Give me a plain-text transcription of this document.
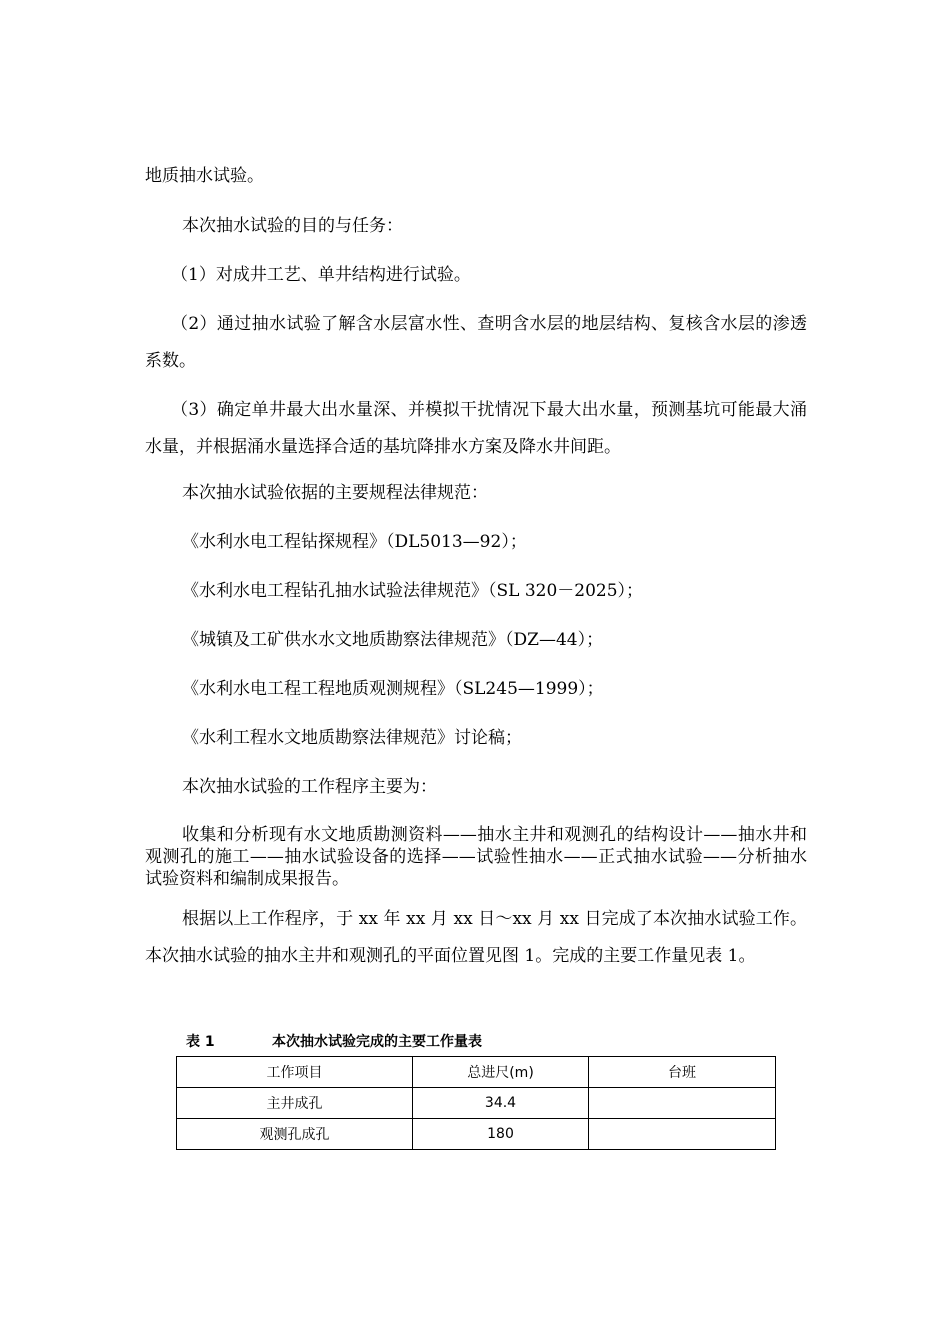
地质抽水试验。
本次抽水试验的目的与任务：
（1）对成井工艺、单井结构进行试验。
（2）通过抽水试验了解含水层富水性、查明含水层的地层结构、复核含水层的渗透系数。
（3）确定单井最大出水量深、并模拟干扰情况下最大出水量，预测基坑可能最大涌水量，并根据涌水量选择合适的基坑降排水方案及降水井间距。
本次抽水试验依据的主要规程法律规范：
《水利水电工程钻探规程》（DL5013—92）；
《水利水电工程钻孔抽水试验法律规范》（SL 320－2025）；
《城镇及工矿供水水文地质勘察法律规范》（DZ—44）；
《水利水电工程工程地质观测规程》（SL245—1999）；
《水利工程水文地质勘察法律规范》讨论稿；
本次抽水试验的工作程序主要为：
收集和分析现有水文地质勘测资料——抽水主井和观测孔的结构设计——抽水井和观测孔的施工——抽水试验设备的选择——试验性抽水——正式抽水试验——分析抽水试验资料和编制成果报告。
根据以上工作程序，于 xx 年 xx 月 xx 日～xx 月 xx 日完成了本次抽水试验工作。本次抽水试验的抽水主井和观测孔的平面位置见图 1。完成的主要工作量见表 1。
表 1	本次抽水试验完成的主要工作量表
工作项目	总进尺(m)	台班
主井成孔	34.4	
观测孔成孔	180	
